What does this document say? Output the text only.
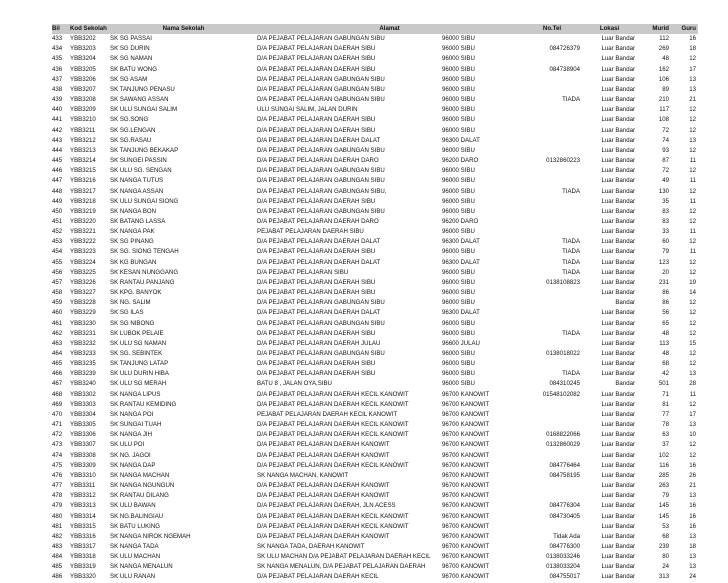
Bil	Kod Sekolah	Nama Sekolah	Alamat		No.Tel	Lokasi	Murid	Guru
433	YBB3202	SK SG PASSAI	D/A PEJABAT PELAJARAN GABUNGAN SIBU	96000 SIBU		Luar Bandar	112	16
434	YBB3203	SK SG DURIN	D/A PEJABAT PELAJARAN DAERAH SIBU	96000 SIBU	084726379	Luar Bandar	269	18
435	YBB3204	SK SG NAMAN	D/A PEJABAT PELAJARAN DAERAH SIBU	96000 SIBU		Luar Bandar	48	12
436	YBB3205	SK BATU WONG	D/A PEJABAT PELAJARAN DAERAH SIBU	96000 SIBU	084738904	Luar Bandar	162	17
437	YBB3206	SK SG ASAM	D/A PEJABAT PELAJARAN GABUNGAN SIBU	96000 SIBU		Luar Bandar	106	13
438	YBB3207	SK TANJUNG PENASU	D/A PEJABAT PELAJARAN GABUNGAN SIBU	96000 SIBU		Luar Bandar	89	13
439	YBB3208	SK SAWANG ASSAN	D/A PEJABAT PELAJARAN GABUNGAN SIBU	96000 SIBU	TIADA	Luar Bandar	210	21
440	YBB3209	SK ULU SUNGAI SALIM	ULU SUNGAI SALIM, JALAN DURIN	96000 SIBU		Luar Bandar	117	12
441	YBB3210	SK SG.SONG	D/A PEJABAT PELAJARAN DAERAH SIBU	96000 SIBU		Luar Bandar	108	12
442	YBB3211	SK SG.LENGAN	D/A PEJABAT PELAJARAN DAERAH SIBU	96000 SIBU		Luar Bandar	72	12
443	YBB3212	SK SG.RASAU	D/A PEJABAT PELAJARAN DAERAH DALAT	96300 DALAT		Luar Bandar	74	13
444	YBB3213	SK TANJUNG BEKAKAP	D/A PEJABAT PELAJARAN GABUNGAN SIBU	96000 SIBU		Luar Bandar	93	12
445	YBB3214	SK SUNGEI PASSIN	D/A PEJABAT PELAJARAN DAERAH DARO	96200 DARO	0132860223	Luar Bandar	87	11
446	YBB3215	SK ULU SG. SENGAN	D/A PEJABAT PELAJARAN GABUNGAN SIBU	96000 SIBU		Luar Bandar	72	12
447	YBB3216	SK NANGA TUTUS	D/A PEJABAT PELAJARAN GABUNGAN SIBU	96000 SIBU		Luar Bandar	49	11
448	YBB3217	SK NANGA ASSAN	D/A PEJABAT PELAJARAN GABUNGAN SIBU,	96000 SIBU	TIADA	Luar Bandar	130	12
449	YBB3218	SK ULU SUNGAI SIONG	D/A PEJABAT PELAJARAN DAERAH SIBU	96000 SIBU		Luar Bandar	35	11
450	YBB3219	SK NANGA BON	D/A PEJABAT PELAJARAN GABUNGAN SIBU	96000 SIBU		Luar Bandar	83	12
451	YBB3220	SK BATANG LASSA	D/A PEJABAT PELAJARAN DAERAH DARO	96200 DARO		Luar Bandar	83	12
452	YBB3221	SK NANGA PAK	PEJABAT PELAJARAN DAERAH SIBU	96000 SIBU		Luar Bandar	33	11
453	YBB3222	SK SG PINANG	D/A PEJABAT PELAJARAN DAERAH DALAT	96300 DALAT	TIADA	Luar Bandar	60	12
454	YBB3223	SK SG. SIONG TENGAH	D/A PEJABAT PELAJARAN DAERAH SIBU	96000 SIBU	TIADA	Luar Bandar	79	11
455	YBB3224	SK KG BUNGAN	D/A PEJABAT PELAJARAN DAERAH DALAT	96300 DALAT	TIADA	Luar Bandar	123	12
456	YBB3225	SK KESAN NUNGGANG	D/A PEJABAT PELAJARAN SIBU	96000 SIBU	TIADA	Luar Bandar	20	12
457	YBB3226	SK RANTAU PANJANG	D/A PEJABAT PELAJARAN DAERAH SIBU	96000 SIBU	0138108823	Luar Bandar	231	19
458	YBB3227	SK KPG. BANYOK	D/A PEJABAT PELAJARAN DAERAH SIBU	96000 SIBU		Luar Bandar	86	14
459	YBB3228	SK NG. SALIM	D/A PEJABAT PELAJARAN GABUNGAN SIBU	96000 SIBU		Bandar	86	12
460	YBB3229	SK SG ILAS	D/A PEJABAT PELAJARAN DAERAH DALAT	96300 DALAT		Luar Bandar	56	12
461	YBB3230	SK SG NIBONG	D/A PEJABAT PELAJARAN GABUNGAN SIBU	96000 SIBU		Luar Bandar	65	12
462	YBB3231	SK LUBOK PELAIE	D/A PEJABAT PELAJARAN DAERAH SIBU	96000 SIBU	TIADA	Luar Bandar	48	12
463	YBB3232	SK ULU SG NAMAN	D/A PEJABAT PELAJARAN DAERAH JULAU	96600 JULAU		Luar Bandar	113	15
464	YBB3233	SK SG. SEBINTEK	D/A PEJABAT PELAJARAN GABUNGAN SIBU	96000 SIBU	0138018022	Luar Bandar	48	12
465	YBB3235	SK TANJUNG LATAP	D/A PEJABAT PELAJARAN DAERAH SIBU	96000 SIBU		Luar Bandar	68	12
466	YBB3239	SK ULU DURIN HIBA	D/A PEJABAT PELAJARAN DAERAH SIBU	96000 SIBU	TIADA	Luar Bandar	42	13
467	YBB3240	SK ULU SG MERAH	BATU 8 , JALAN OYA,SIBU	96000 SIBU	084310245	Bandar	501	28
468	YBB3302	SK NANGA LIPUS	D/A PEJABAT PELAJARAN DAERAH KECIL KANOWIT	96700 KANOWIT	01548102082	Luar Bandar	71	11
469	YBB3303	SK RANTAU KEMIDING	D/A PEJABAT PELAJARAN DAERAH KECIL KANOWIT	96700 KANOWIT		Luar Bandar	81	12
470	YBB3304	SK NANGA POI	PEJABAT PELAJARAN DAERAH KECIL KANOWIT	96700 KANOWIT		Luar Bandar	77	17
471	YBB3305	SK SUNGAI TUAH	D/A PEJABAT PELAJARAN DAERAH KECIL KANOWIT	96700 KANOWIT		Luar Bandar	78	13
472	YBB3306	SK NANGA JIH	D/A PEJABAT PELAJARAN DAERAH KECIL KANOWIT	96700 KANOWIT	0168822066	Luar Bandar	63	10
473	YBB3307	SK ULU POI	D/A PEJABAT PELAJARAN DAERAH KANOWIT	96700 KANOWIT	0132860029	Luar Bandar	37	12
474	YBB3308	SK NG. JAGOI	D/A PEJABAT PELAJARAN DAERAH KANOWIT	96700 KANOWIT		Luar Bandar	102	12
475	YBB3309	SK NANGA DAP	D/A PEJABAT PELAJARAN DAERAH KECIL KANOWIT	96700 KANOWIT	084776464	Luar Bandar	116	16
476	YBB3310	SK NANGA MACHAN	SK NANGA MACHAN, KANOWIT	96700 KANOWIT	084758195	Luar Bandar	285	26
477	YBB3311	SK NANGA NGUNGUN	D/A PEJABAT PELAJARAN DAERAH KANOWIT	96700 KANOWIT		Luar Bandar	263	21
478	YBB3312	SK RANTAU DILANG	D/A PEJABAT PELAJARAN DAERAH KANOWIT	96700 KANOWIT		Luar Bandar	79	13
479	YBB3313	SK ULU BAWAN	D/A PEJABAT PELAJARAN DAERAH, JLN ACESS	96700 KANOWIT	084776304	Luar Bandar	145	16
480	YBB3314	SK NG.BALINGIAU	D/A PEJABAT PELAJARAN DAERAH KECIL KANOWIT	96700 KANOWIT	084730405	Luar Bandar	145	16
481	YBB3315	SK BATU LUKING	D/A PEJABAT PELAJARAN DAERAH KECIL KANOWIT	96700 KANOWIT		Luar Bandar	53	16
482	YBB3316	SK NANGA NIROK NGEMAH	D/A PEJABAT PELAJARAN DAERAH KANOWIT	96700 KANOWIT	Tidak Ada	Luar Bandar	68	13
483	YBB3317	SK NANGA TADA	SK NANGA TADA, DAERAH KANOWIT	96700 KANOWIT	084776300	Luar Bandar	239	18
484	YBB3318	SK ULU MACHAN	SK ULU MACHAN D/A PEJABAT PELAJARAN DAERAH KECIL	96700 KANOWIT	0138033246	Luar Bandar	80	13
485	YBB3319	SK NANGA MENALUN	SK NANGA MENALUN, D/A PEJABAT PELAJARAN DAERAH	96700 KANOWIT	0138033204	Luar Bandar	24	13
486	YBB3320	SK ULU RANAN	D/A PEJABAT PELAJARAN DAERAH KECIL	96700 KANOWIT	084755017	Luar Bandar	313	24
